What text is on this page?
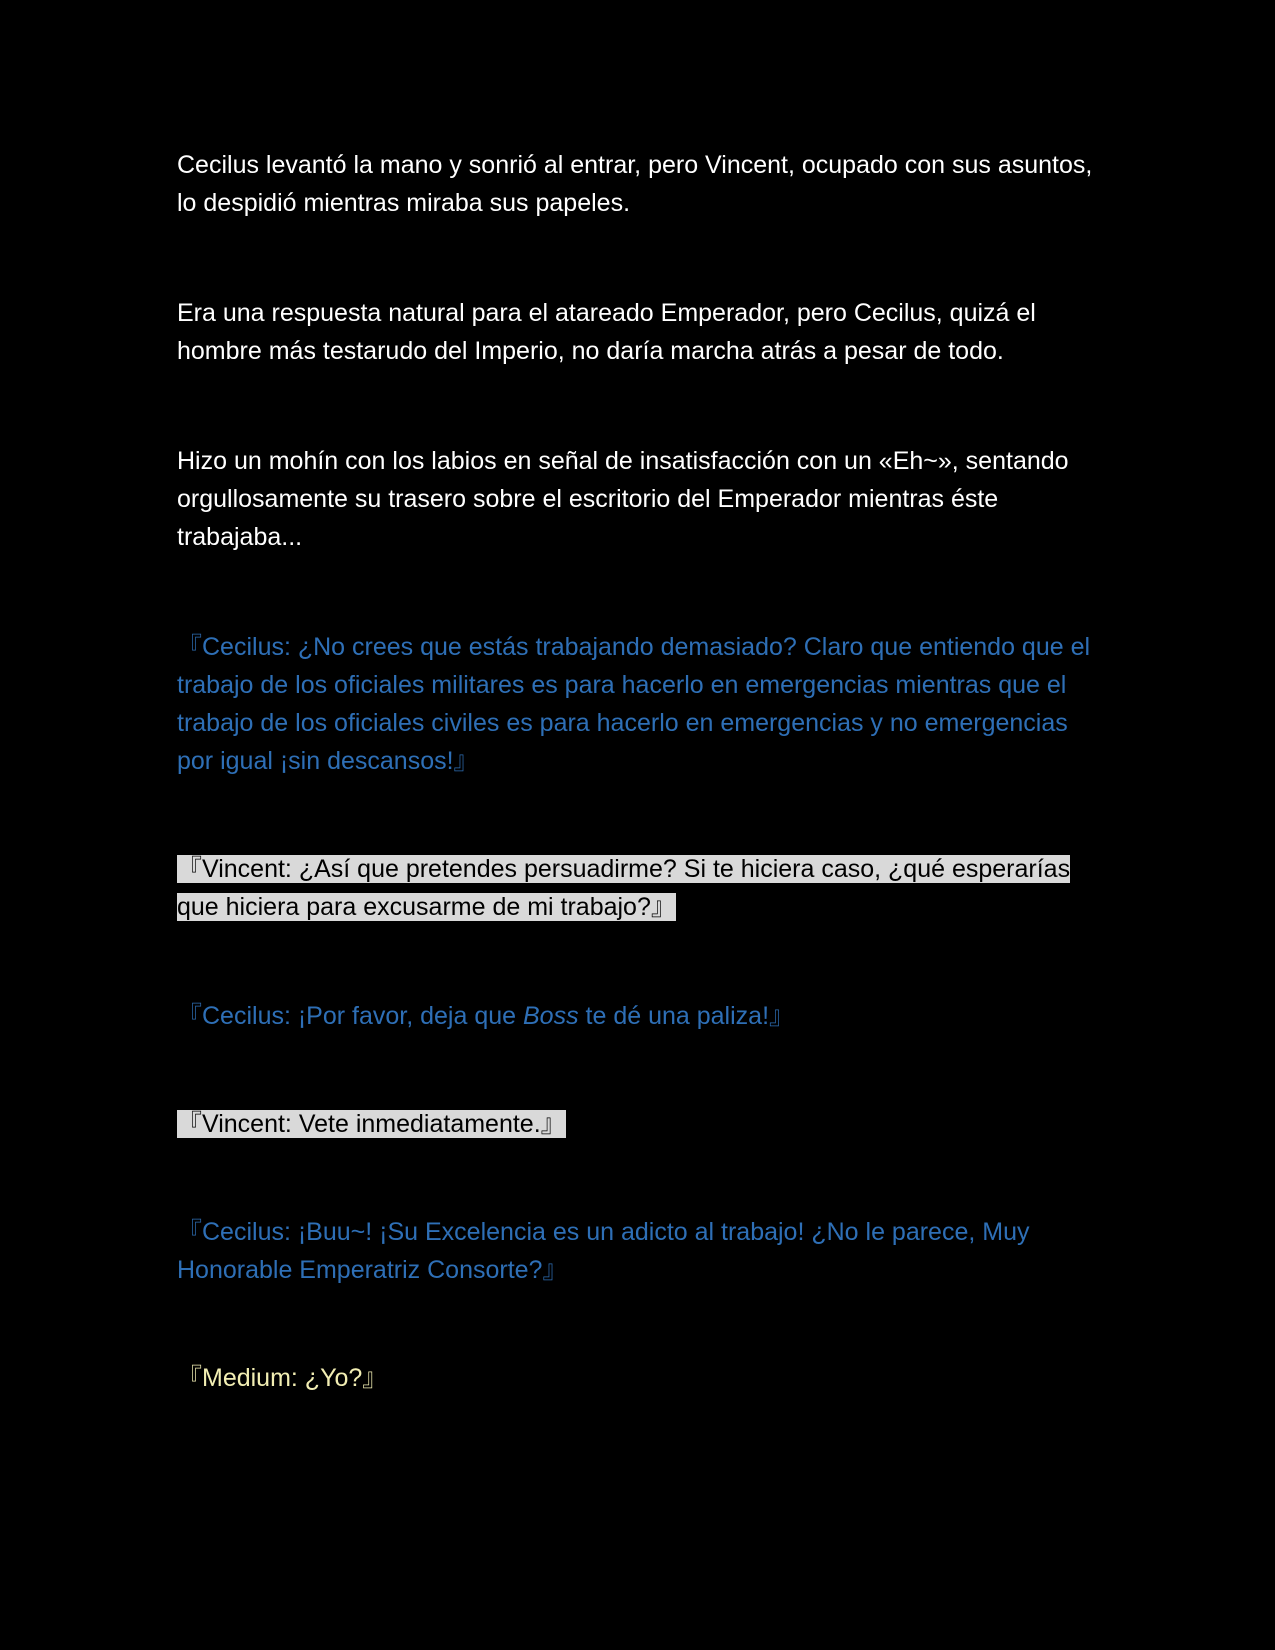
Cecilus levantó la mano y sonrió al entrar, pero Vincent, ocupado con sus asuntos, lo despidió mientras miraba sus papeles.

Era una respuesta natural para el atareado Emperador, pero Cecilus, quizá el hombre más testarudo del Imperio, no daría marcha atrás a pesar de todo.

Hizo un mohín con los labios en señal de insatisfacción con un «Eh~», sentando orgullosamente su trasero sobre el escritorio del Emperador mientras éste trabajaba...

『Cecilus: ¿No crees que estás trabajando demasiado? Claro que entiendo que el trabajo de los oficiales militares es para hacerlo en emergencias mientras que el trabajo de los oficiales civiles es para hacerlo en emergencias y no emergencias por igual ¡sin descansos!』

『Vincent: ¿Así que pretendes persuadirme? Si te hiciera caso, ¿qué esperarías que hiciera para excusarme de mi trabajo?』

『Cecilus: ¡Por favor, deja que Boss te dé una paliza!』

『Vincent: Vete inmediatamente.』

『Cecilus: ¡Buu~! ¡Su Excelencia es un adicto al trabajo! ¿No le parece, Muy Honorable Emperatriz Consorte?』

『Medium: ¿Yo?』
